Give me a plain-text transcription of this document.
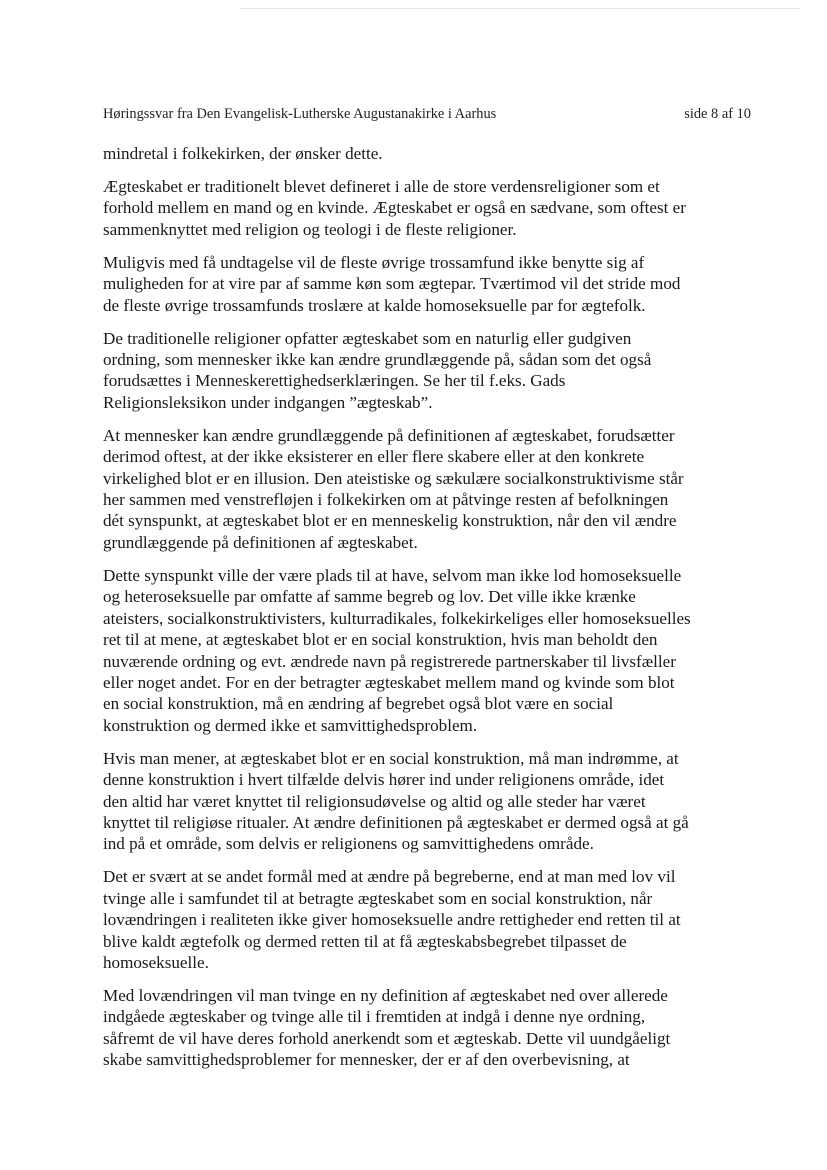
Høringssvar fra Den Evangelisk-Lutherske Augustanakirke i Aarhus	side 8 af 10

mindretal i folkekirken, der ønsker dette.

Ægteskabet er traditionelt blevet defineret i alle de store verdensreligioner som et
forhold mellem en mand og en kvinde. Ægteskabet er også en sædvane, som oftest er
sammenknyttet med religion og teologi i de fleste religioner.

Muligvis med få undtagelse vil de fleste øvrige trossamfund ikke benytte sig af
muligheden for at vire par af samme køn som ægtepar. Tværtimod vil det stride mod
de fleste øvrige trossamfunds troslære at kalde homoseksuelle par for ægtefolk.

De traditionelle religioner opfatter ægteskabet som en naturlig eller gudgiven
ordning, som mennesker ikke kan ændre grundlæggende på, sådan som det også
forudsættes i Menneskerettighedserklæringen. Se her til f.eks. Gads
Religionsleksikon under indgangen ”ægteskab”.

At mennesker kan ændre grundlæggende på definitionen af ægteskabet, forudsætter
derimod oftest, at der ikke eksisterer en eller flere skabere eller at den konkrete
virkelighed blot er en illusion. Den ateistiske og sækulære socialkonstruktivisme står
her sammen med venstrefløjen i folkekirken om at påtvinge resten af befolkningen
dét synspunkt, at ægteskabet blot er en menneskelig konstruktion, når den vil ændre
grundlæggende på definitionen af ægteskabet.

Dette synspunkt ville der være plads til at have, selvom man ikke lod homoseksuelle
og heteroseksuelle par omfatte af samme begreb og lov. Det ville ikke krænke
ateisters, socialkonstruktivisters, kulturradikales, folkekirkeliges eller homoseksuelles
ret til at mene, at ægteskabet blot er en social konstruktion, hvis man beholdt den
nuværende ordning og evt. ændrede navn på registrerede partnerskaber til livsfæller
eller noget andet. For en der betragter ægteskabet mellem mand og kvinde som blot
en social konstruktion, må en ændring af begrebet også blot være en social
konstruktion og dermed ikke et samvittighedsproblem.

Hvis man mener, at ægteskabet blot er en social konstruktion, må man indrømme, at
denne konstruktion i hvert tilfælde delvis hører ind under religionens område, idet
den altid har været knyttet til religionsudøvelse og altid og alle steder har været
knyttet til religiøse ritualer. At ændre definitionen på ægteskabet er dermed også at gå
ind på et område, som delvis er religionens og samvittighedens område.

Det er svært at se andet formål med at ændre på begreberne, end at man med lov vil
tvinge alle i samfundet til at betragte ægteskabet som en social konstruktion, når
lovændringen i realiteten ikke giver homoseksuelle andre rettigheder end retten til at
blive kaldt ægtefolk og dermed retten til at få ægteskabsbegrebet tilpasset de
homoseksuelle.

Med lovændringen vil man tvinge en ny definition af ægteskabet ned over allerede
indgåede ægteskaber og tvinge alle til i fremtiden at indgå i denne nye ordning,
såfremt de vil have deres forhold anerkendt som et ægteskab. Dette vil uundgåeligt
skabe samvittighedsproblemer for mennesker, der er af den overbevisning, at
